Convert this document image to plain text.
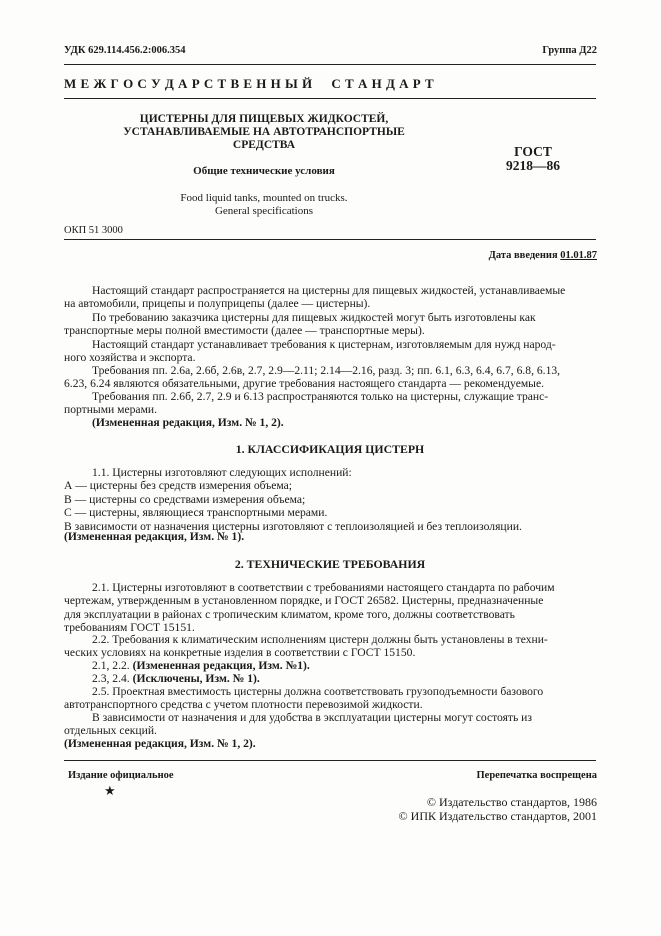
УДК 629.114.456.2:006.354	Группа Д22
М Е Ж Г О С У Д А Р С Т В Е Н Н Ы Й     С Т А Н Д А Р Т
ЦИСТЕРНЫ ДЛЯ ПИЩЕВЫХ ЖИДКОСТЕЙ,
УСТАНАВЛИВАЕМЫЕ НА АВТОТРАНСПОРТНЫЕ
СРЕДСТВА
Общие технические условия
Food liquid tanks, mounted on trucks.
General specifications
ГОСТ
9218—86
ОКП 51 3000
Дата введения 01.01.87
Настоящий стандарт распространяется на цистерны для пищевых жидкостей, устанавливаемые
на автомобили, прицепы и полуприцепы (далее — цистерны).
По требованию заказчика цистерны для пищевых жидкостей могут быть изготовлены как
транспортные меры полной вместимости (далее — транспортные меры).
Настоящий стандарт устанавливает требования к цистернам, изготовляемым для нужд народ-
ного хозяйства и экспорта.
Требования пп. 2.6а, 2.6б, 2.6в, 2.7, 2.9—2.11; 2.14—2.16, разд. 3; пп. 6.1, 6.3, 6.4, 6.7, 6.8, 6.13,
6.23, 6.24 являются обязательными, другие требования настоящего стандарта — рекомендуемые.
Требования пп. 2.6б, 2.7, 2.9 и 6.13 распространяются только на цистерны, служащие транс-
портными мерами.
(Измененная редакция, Изм. № 1, 2).
1. КЛАССИФИКАЦИЯ ЦИСТЕРН
1.1. Цистерны изготовляют следующих исполнений:
А — цистерны без средств измерения объема;
В — цистерны со средствами измерения объема;
С — цистерны, являющиеся транспортными мерами.
В зависимости от назначения цистерны изготовляют с теплоизоляцией и без теплоизоляции.
(Измененная редакция, Изм. № 1).
2. ТЕХНИЧЕСКИЕ ТРЕБОВАНИЯ
2.1. Цистерны изготовляют в соответствии с требованиями настоящего стандарта по рабочим
чертежам, утвержденным в установленном порядке, и ГОСТ 26582. Цистерны, предназначенные
для эксплуатации в районах с тропическим климатом, кроме того, должны соответствовать
требованиям ГОСТ 15151.
2.2. Требования к климатическим исполнениям цистерн должны быть установлены в техни-
ческих условиях на конкретные изделия в соответствии с ГОСТ 15150.
2.1, 2.2. (Измененная редакция, Изм. №1).
2.3, 2.4. (Исключены, Изм. № 1).
2.5. Проектная вместимость цистерны должна соответствовать грузоподъемности базового
автотранспортного средства с учетом плотности перевозимой жидкости.
В зависимости от назначения и для удобства в эксплуатации цистерны могут состоять из
отдельных секций.
(Измененная редакция, Изм. № 1, 2).
Издание официальное
★
Перепечатка воспрещена
© Издательство стандартов, 1986
© ИПК Издательство стандартов, 2001
